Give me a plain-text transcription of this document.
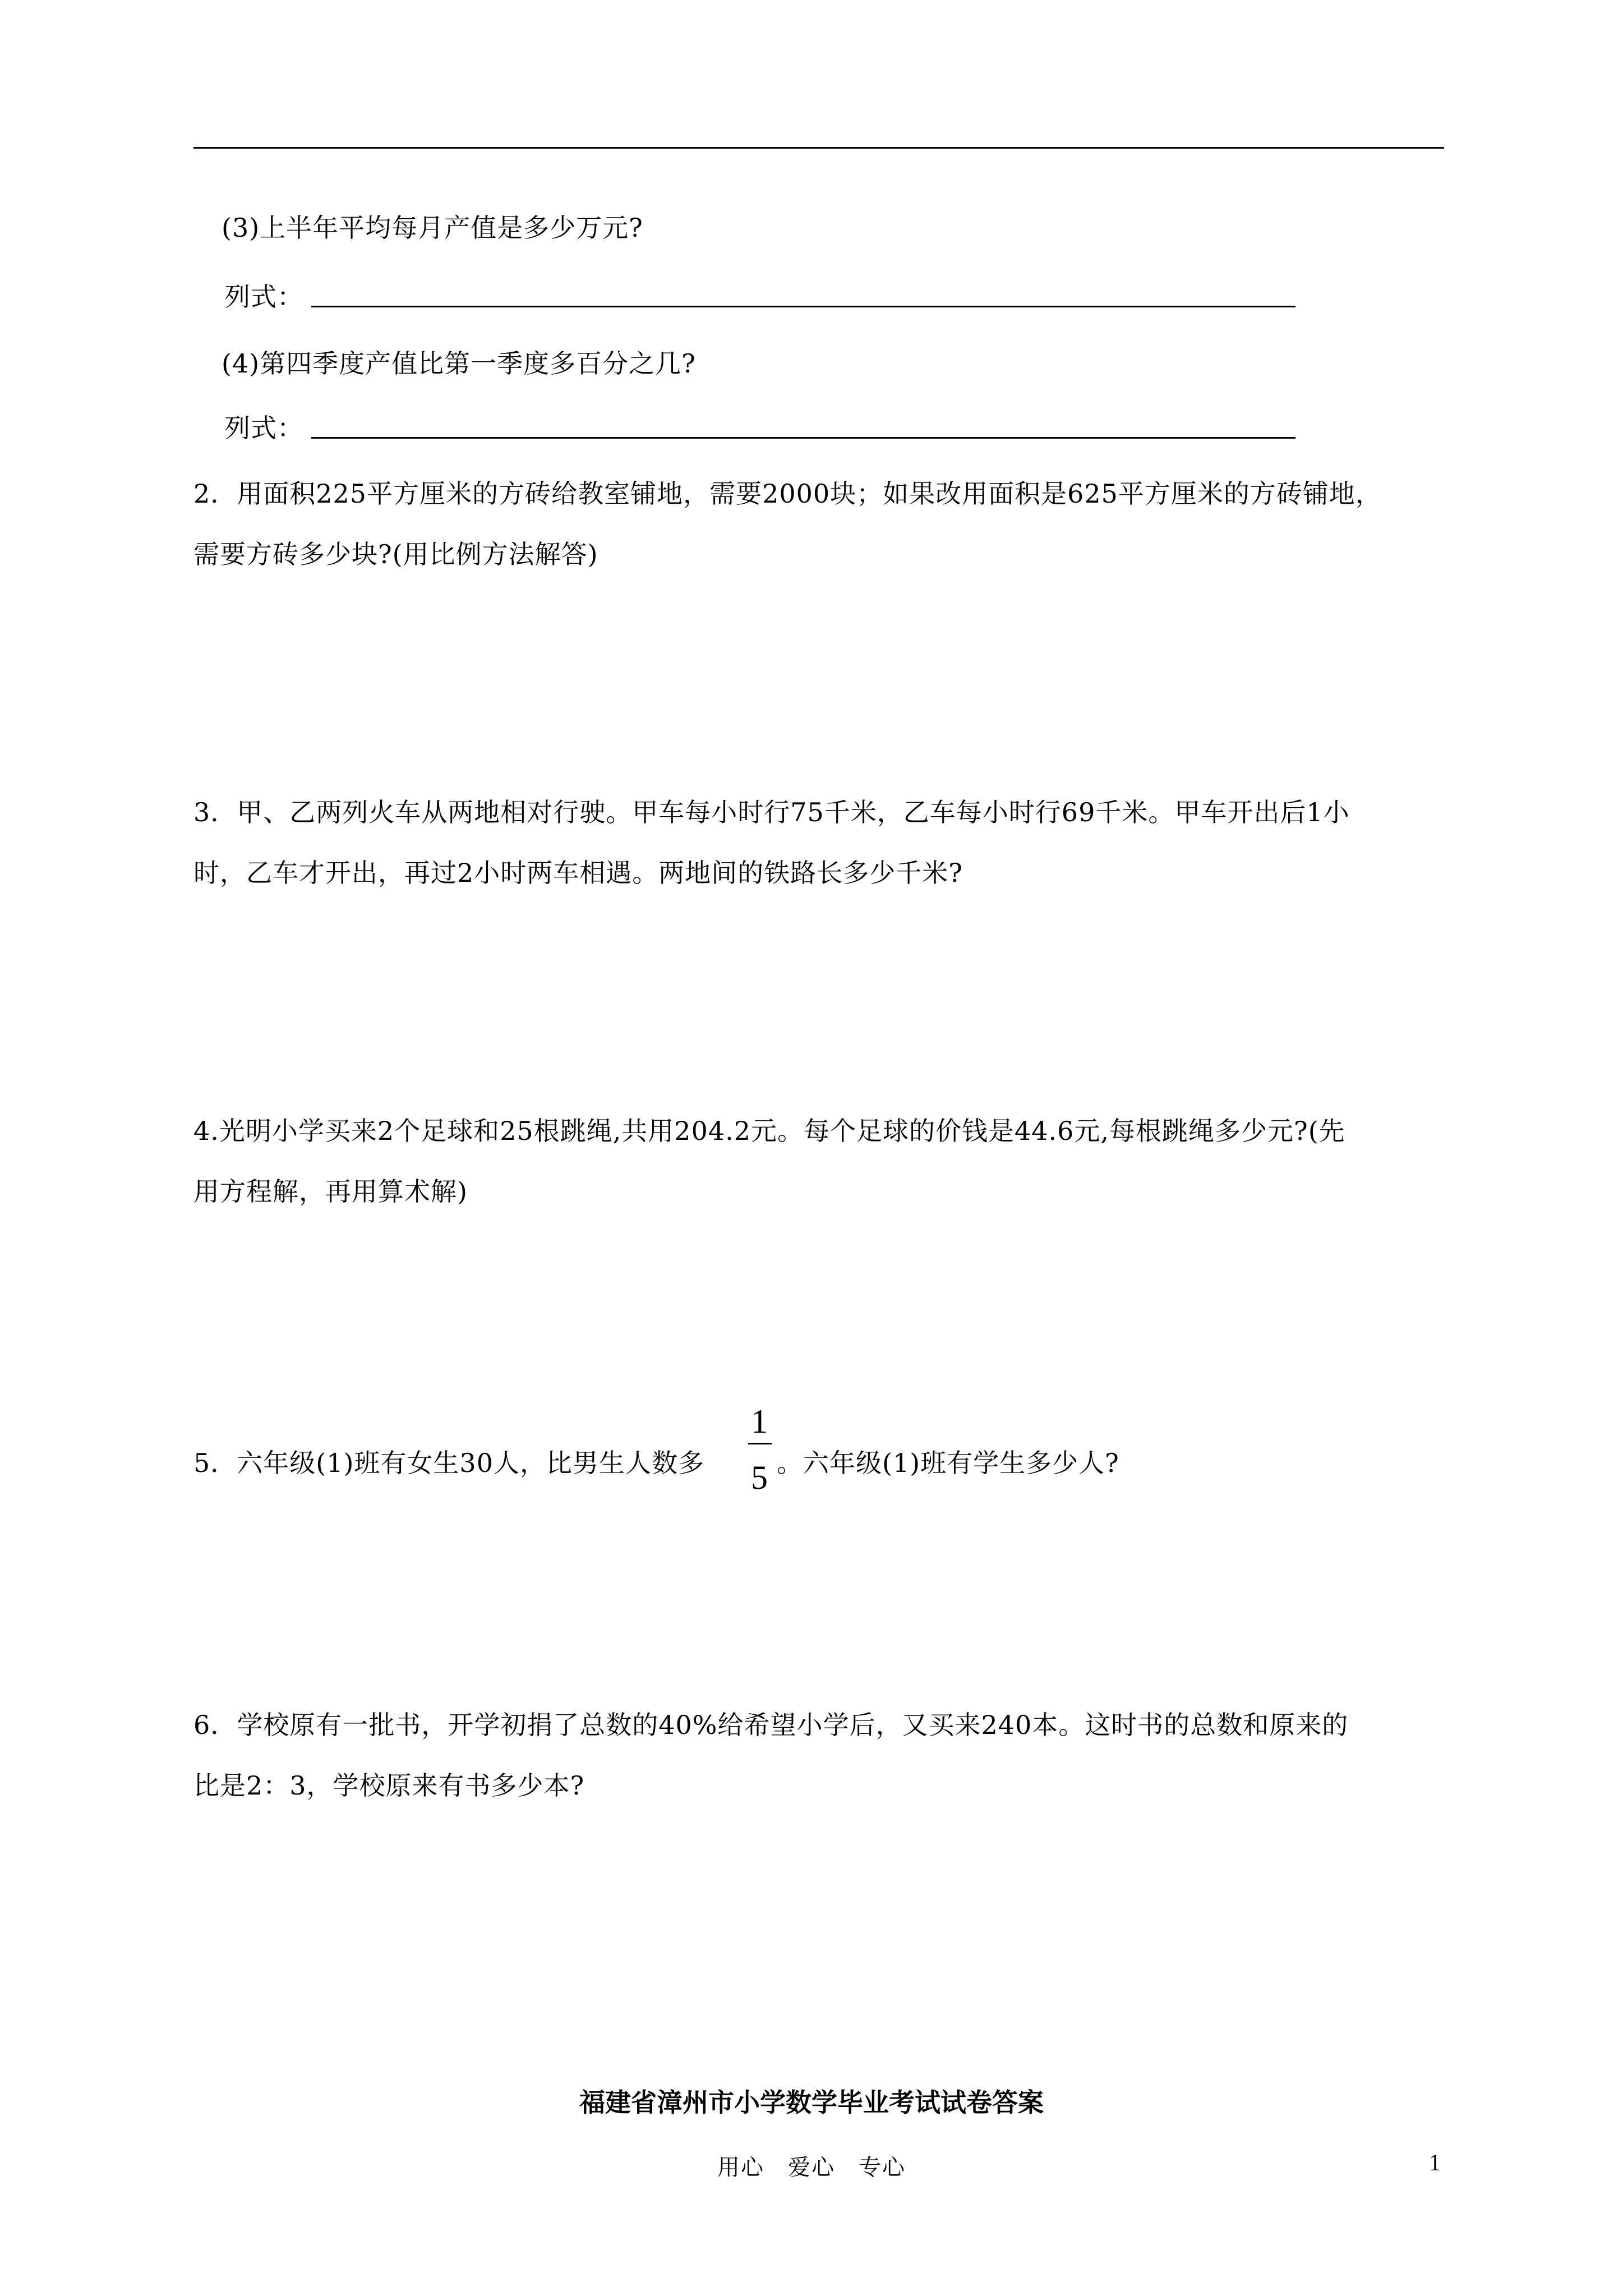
(3)上半年平均每月产值是多少万元?
列式：
(4)第四季度产值比第一季度多百分之几?
列式：
2．用面积225平方厘米的方砖给教室铺地，需要2000块；如果改用面积是625平方厘米的方砖铺地，
需要方砖多少块?(用比例方法解答)
3．甲、乙两列火车从两地相对行驶。甲车每小时行75千米，乙车每小时行69千米。甲车开出后1小
时，乙车才开出，再过2小时两车相遇。两地间的铁路长多少千米?
4.光明小学买来2个足球和25根跳绳,共用204.2元。每个足球的价钱是44.6元,每根跳绳多少元?(先
用方程解，再用算术解)
5．六年级(1)班有女生30人，比男生人数多
1
5 。六年级(1)班有学生多少人?
6．学校原有一批书，开学初捐了总数的40%给希望小学后，又买来240本。这时书的总数和原来的
比是2：3，学校原来有书多少本?
福建省漳州市小学数学毕业考试试卷答案
用心　爱心　专心	1
